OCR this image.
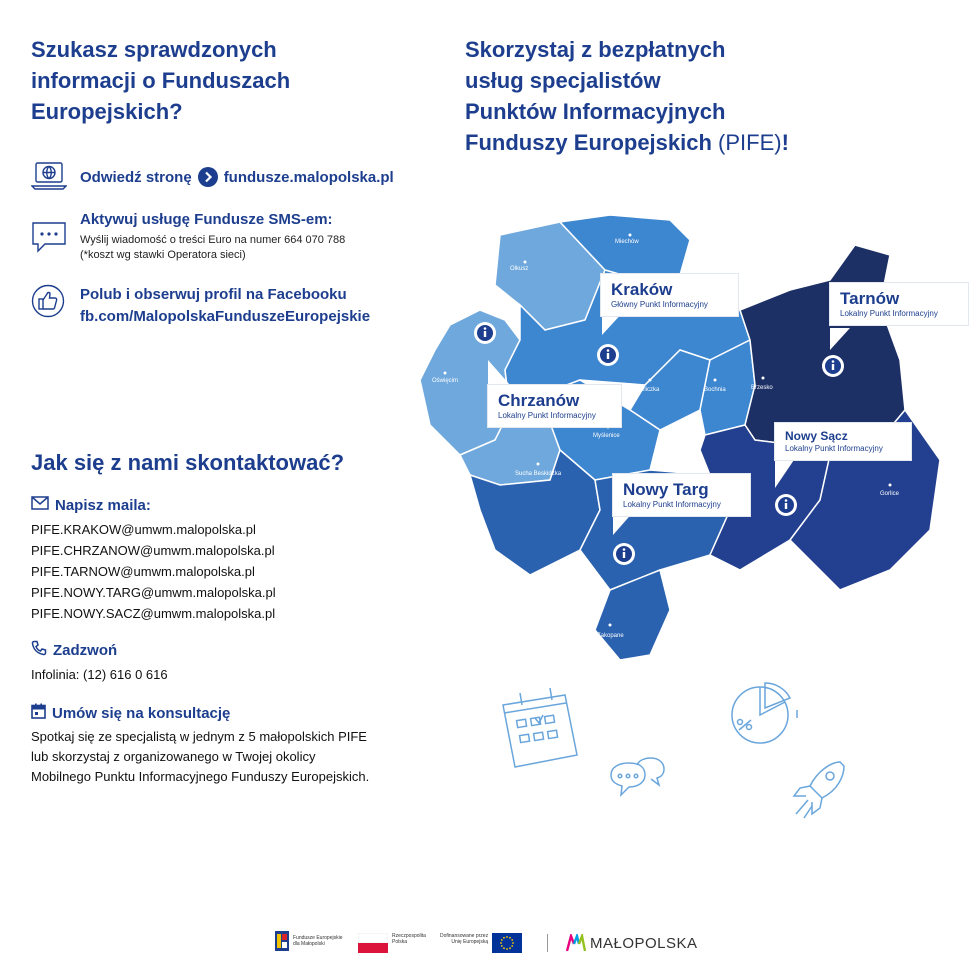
Szukasz sprawdzonych
informacji o Funduszach
Europejskich?
Skorzystaj z bezpłatnych
usług specjalistów
Punktów Informacyjnych
Funduszy Europejskich (PIFE)!
Odwiedź stronę fundusze.malopolska.pl
Aktywuj usługę Fundusze SMS-em:
Wyślij wiadomość o treści Euro na numer 664 070 788
(*koszt wg stawki Operatora sieci)
Polub i obserwuj profil na Facebooku
fb.com/MalopolskaFunduszeEuropejskie
Jak się z nami skontaktować?
Napisz maila:
PIFE.KRAKOW@umwm.malopolska.pl
PIFE.CHRZANOW@umwm.malopolska.pl
PIFE.TARNOW@umwm.malopolska.pl
PIFE.NOWY.TARG@umwm.malopolska.pl
PIFE.NOWY.SACZ@umwm.malopolska.pl
Zadzwoń
Infolinia: (12) 616 0 616
Umów się na konsultację
Spotkaj się ze specjalistą w jednym z 5 małopolskich PIFE
lub skorzystaj z organizowanego w Twojej okolicy
Mobilnego Punktu Informacyjnego Funduszy Europejskich.
Miechów
Olkusz
Oświęcim
Wieliczka	Bochnia	Brzesko
Myślenice
Sucha Beskidzka
Gorlice
Zakopane
Kraków
Główny Punkt Informacyjny	Tarnów
Lokalny Punkt Informacyjny
Chrzanów
Lokalny Punkt Informacyjny
Nowy Sącz
Lokalny Punkt Informacyjny
Nowy Targ
Lokalny Punkt Informacyjny
Fundusze Europejskie
dla Małopolski
Rzeczpospolita
Polska
Dofinansowane przez
Unię Europejską	MAŁOPOLSKA
